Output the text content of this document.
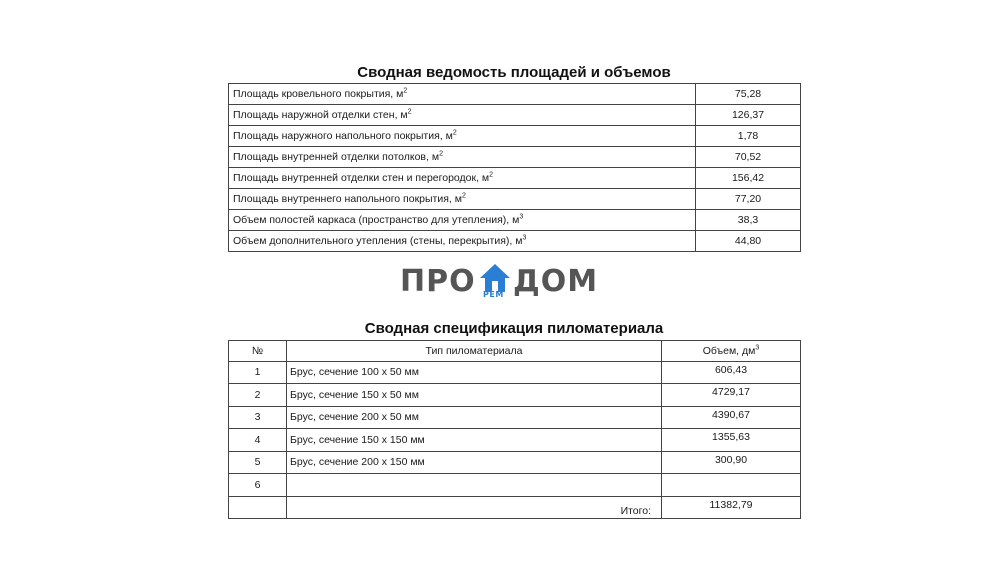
Сводная ведомость площадей и объемов
Площадь кровельного покрытия, $м^2$	75,28
Площадь наружной отделки стен, $м^2$	126,37
Площадь наружного напольного покрытия, $м^2$	1,78
Площадь внутренней отделки потолков, $м^2$	70,52
Площадь внутренней отделки стен и перегородок, $м^2$	156,42
Площадь внутреннего напольного покрытия, $м^2$	77,20
Объем полостей каркаса (пространство для утепления), $м^3$	38,3
Объем дополнительного утепления (стены, перекрытия), $м^3$	44,80
ПРО РЕМ ДОМ
Сводная спецификация пиломатериала
№	Тип пиломатериала	Объем, $дм^3$
1	Брус, сечение 100 х 50 мм	606,43
2	Брус, сечение 150 х 50 мм	4729,17
3	Брус, сечение 200 х 50 мм	4390,67
4	Брус, сечение 150 х 150 мм	1355,63
5	Брус, сечение 200 х 150 мм	300,90
6		
	Итого:	11382,79
